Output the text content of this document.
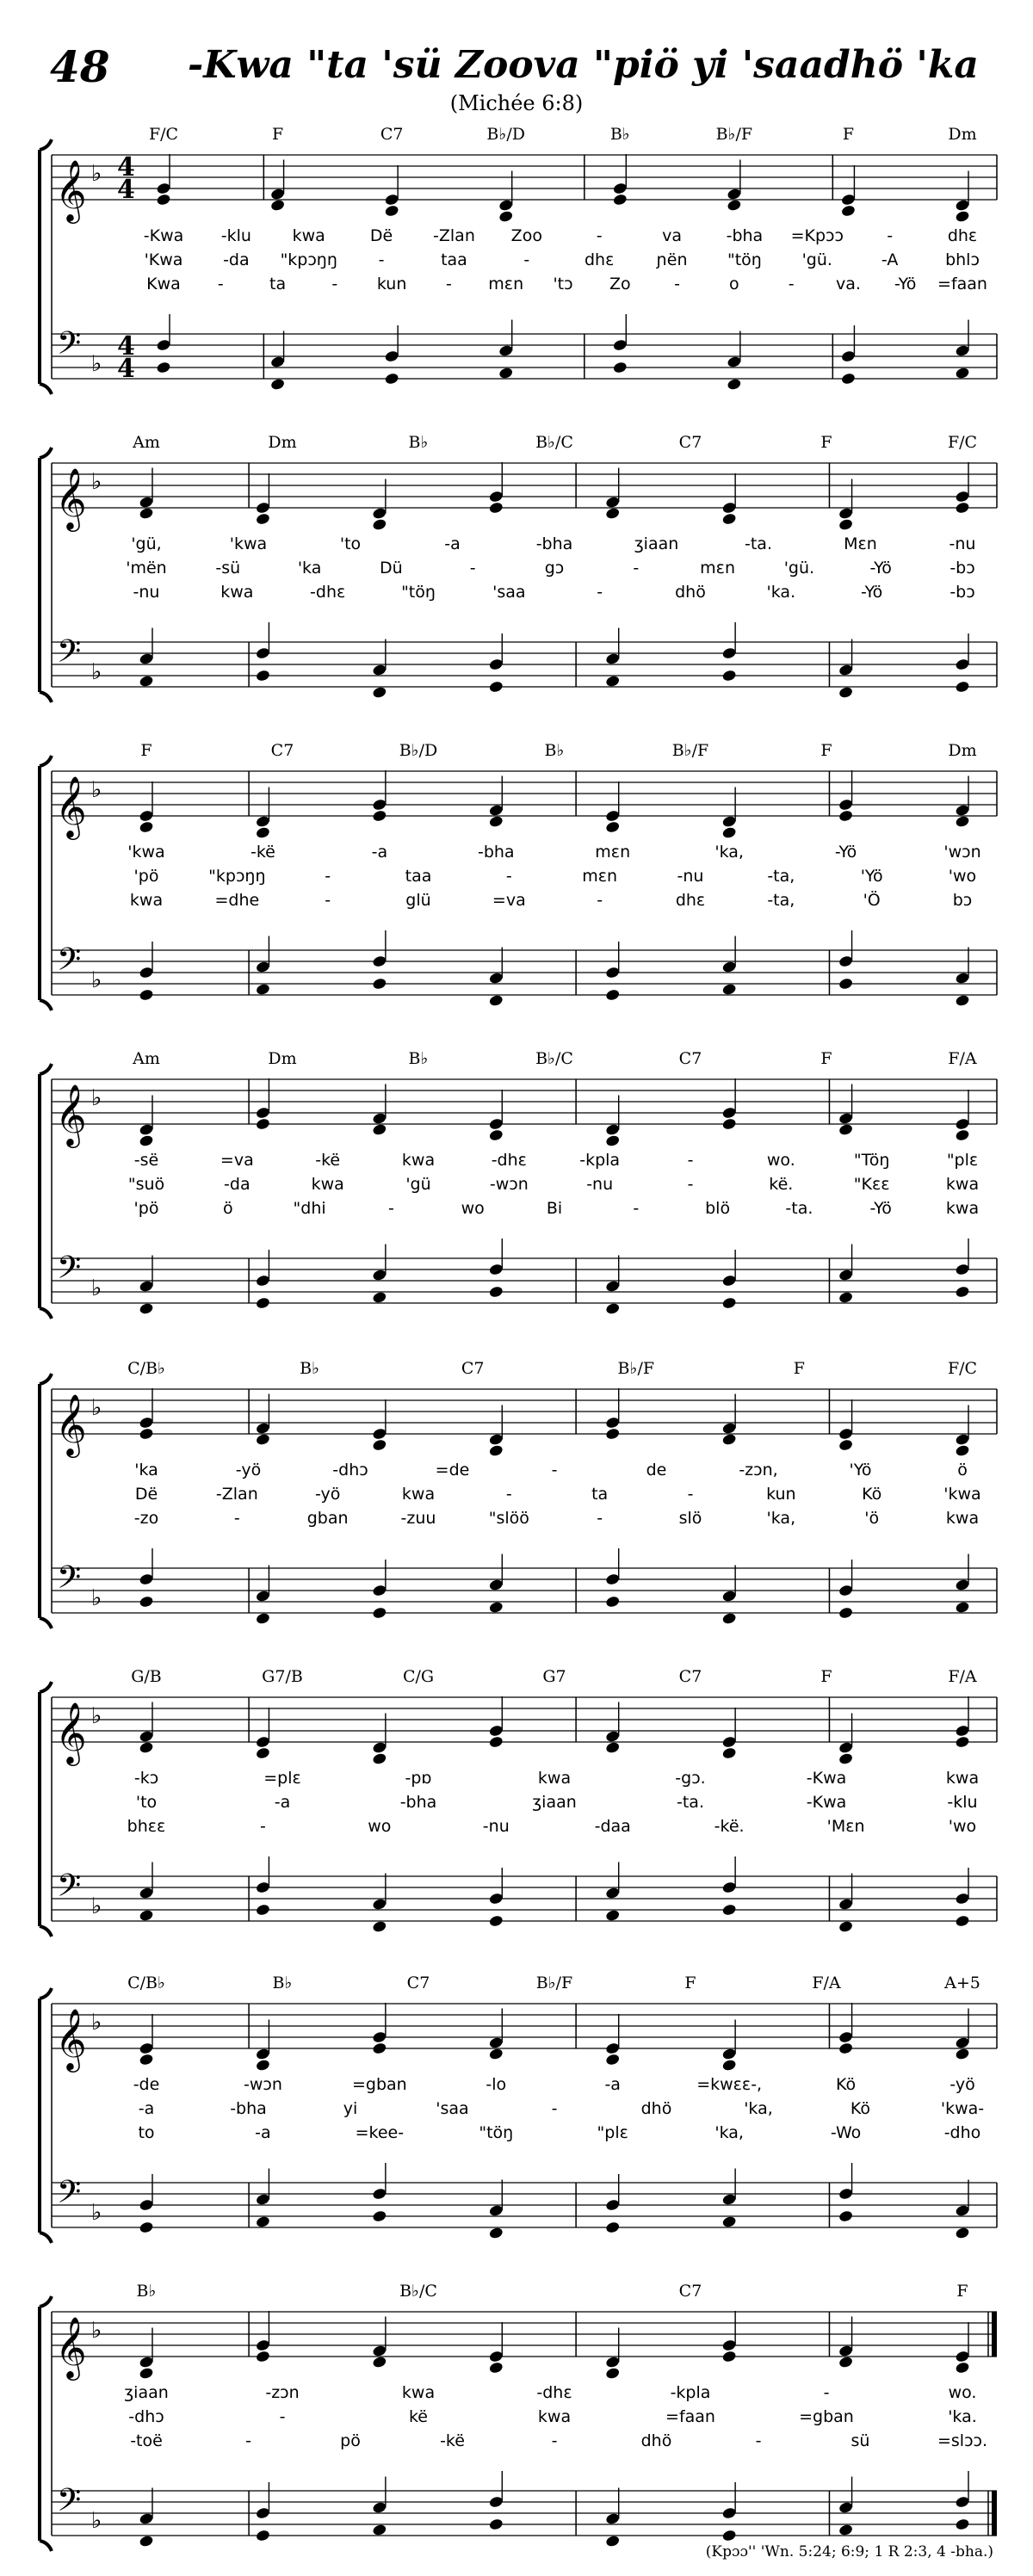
48 -Kwa "ta 'sü Zoova "piö yi 'saadhö 'ka
(Michée 6:8)
𝄞
𝄢
♭
♭
4
4
4
4
F/C	F	C7	B♭/D	B♭	B♭/F	F	Dm
-Kwa -klu	kwa	Dë -Zlan Zoo	-	va	-bha =Kpɔɔ	-	dhɛ
'Kwa -da "kpɔŋŋ	-	taa	-	dhɛ	ɲën "töŋ 'gü.	-A	bhlɔ
Kwa -	ta	- kun - mɛn 'tɔ Zo	-	o	-	va. -Yö =faan
𝄞
𝄢
♭
♭
Am	Dm	B♭	B♭/C	C7	F	F/C
'gü,	'kwa	'to	-a	-bha	ʒiaan	-ta.	Mɛn	-nu
'mën	-sü	'ka	Dü	-	gɔ	-	mɛn	'gü.	-Yö	-bɔ
-nu	kwa	-dhɛ	"töŋ	'saa	-	dhö	'ka.	-Yö	-bɔ
𝄞
𝄢
♭
♭
F	C7	B♭/D	B♭	B♭/F	F	Dm
'kwa	-kë	-a	-bha	mɛn	'ka,	-Yö	'wɔn
'pö	"kpɔŋŋ	-	taa	-	mɛn	-nu	-ta,	'Yö	'wo
kwa	=dhe	-	glü	=va	-	dhɛ	-ta,	'Ö	bɔ
𝄞
𝄢
♭
♭
Am	Dm	B♭	B♭/C	C7	F	F/A
-së	=va	-kë	kwa	-dhɛ	-kpla	-	wo.	"Töŋ	"plɛ
"suö	-da	kwa	'gü	-wɔn	-nu	-	kë.	"Kɛɛ	kwa
'pö	ö	"dhi	-	wo	Bi	-	blö	-ta.	-Yö	kwa
𝄞
𝄢
♭
♭
C/B♭	B♭	C7	B♭/F	F	F/C
'ka	-yö	-dhɔ	=de	-	de	-zɔn,	'Yö	ö
Dë	-Zlan	-yö	kwa	-	ta	-	kun	Kö	'kwa
-zo	-	gban	-zuu	"slöö	-	slö	'ka,	'ö	kwa
𝄞
𝄢
♭
♭
G/B	G7/B	C/G	G7	C7	F	F/A
-kɔ	=plɛ	-pɒ	kwa	-gɔ.	-Kwa	kwa
'to	-a	-bha	ʒiaan	-ta.	-Kwa	-klu
bhɛɛ	-	wo	-nu	-daa	-kë.	'Mɛn	'wo
𝄞
𝄢
♭
♭
C/B♭	B♭	C7	B♭/F	F	F/A	A+5
-de	-wɔn	=gban	-lo	-a	=kwɛɛ-,	Kö	-yö
-a	-bha	yi	'saa	-	dhö	'ka,	Kö	'kwa-
to	-a	=kee-	"töŋ	"plɛ	'ka,	-Wo	-dho
𝄞
𝄢
♭
♭
B♭	B♭/C	C7	F
ʒiaan	-zɔn	kwa	-dhɛ	-kpla	-	wo.
-dhɔ	-	kë	kwa	=faan	=gban	'ka.
-toë	-	pö	-kë	-	dhö	-	sü	=slɔɔ.
(Kpɔɔ'' 'Wn. 5:24; 6:9; 1 R 2:3, 4 -bha.)
